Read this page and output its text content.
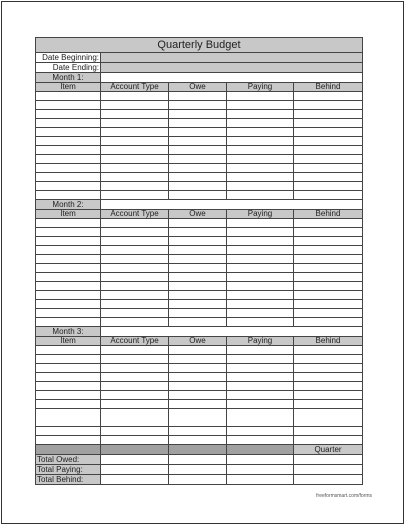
Quarterly Budget
Date Beginning:
Date Ending:
Month 1:
Item	Account Type	Owe	Paying	Behind
Month 2:
Item	Account Type	Owe	Paying	Behind
Month 3:
Item	Account Type	Owe	Paying	Behind
Quarter
Total Owed:
Total Paying:
Total Behind:
freeformsmart.com/forms
